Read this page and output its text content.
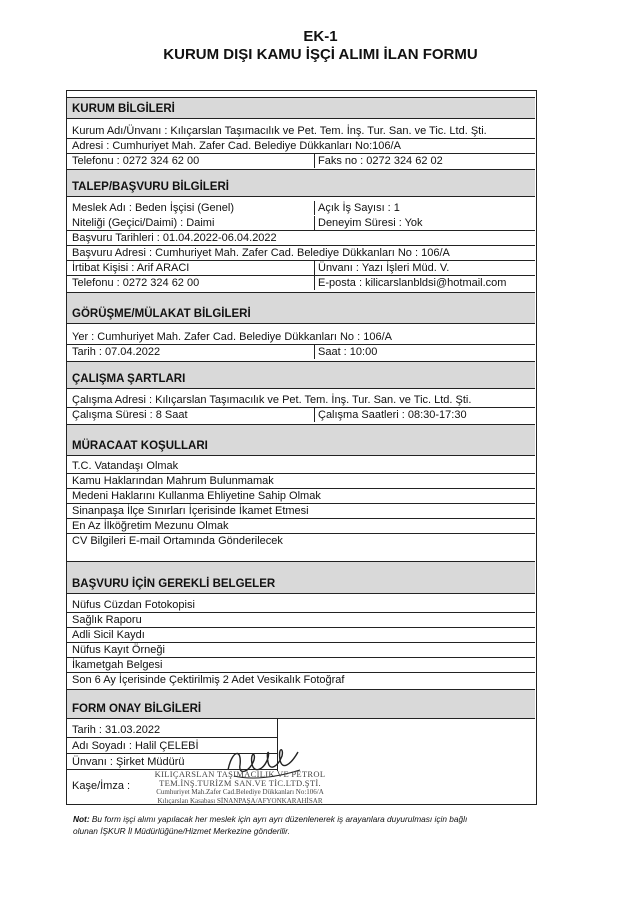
EK-1
KURUM DIŞI KAMU İŞÇİ ALIMI İLAN FORMU
KURUM BİLGİLERİ
Kurum Adı/Ünvanı : Kılıçarslan Taşımacılık ve Pet. Tem. İnş. Tur. San. ve Tic. Ltd. Şti.
Adresi : Cumhuriyet Mah. Zafer Cad. Belediye Dükkanları No:106/A
Telefonu : 0272 324 62 00	Faks no : 0272 324 62 02
TALEP/BAŞVURU BİLGİLERİ
Meslek Adı : Beden İşçisi (Genel)	Açık İş Sayısı : 1
Niteliği (Geçici/Daimi) : Daimi	Deneyim Süresi : Yok
Başvuru Tarihleri : 01.04.2022-06.04.2022
Başvuru Adresi : Cumhuriyet Mah. Zafer Cad. Belediye Dükkanları No : 106/A
İrtibat Kişisi : Arif ARACI	Ünvanı : Yazı İşleri Müd. V.
Telefonu : 0272 324 62 00	E-posta : kilicarslanbldsi@hotmail.com
GÖRÜŞME/MÜLAKAT BİLGİLERİ
Yer : Cumhuriyet Mah. Zafer Cad. Belediye Dükkanları No : 106/A
Tarih : 07.04.2022	Saat : 10:00
ÇALIŞMA ŞARTLARI
Çalışma Adresi : Kılıçarslan Taşımacılık ve Pet. Tem. İnş. Tur. San. ve Tic. Ltd. Şti.
Çalışma Süresi : 8 Saat	Çalışma Saatleri : 08:30-17:30
MÜRACAAT KOŞULLARI
T.C. Vatandaşı Olmak
Kamu Haklarından Mahrum Bulunmamak
Medeni Haklarını Kullanma Ehliyetine Sahip Olmak
Sinanpaşa İlçe Sınırları İçerisinde İkamet Etmesi
En Az İlköğretim Mezunu Olmak
CV Bilgileri E-mail Ortamında Gönderilecek
BAŞVURU İÇİN GEREKLİ BELGELER
Nüfus Cüzdan Fotokopisi
Sağlık Raporu
Adli Sicil Kaydı
Nüfus Kayıt Örneği
İkametgah Belgesi
Son 6 Ay İçerisinde Çektirilmiş 2 Adet Vesikalık Fotoğraf
FORM ONAY BİLGİLERİ
Tarih : 31.03.2022
Adı Soyadı : Halil ÇELEBİ
Ünvanı : Şirket Müdürü
Kaşe/İmza :
KILIÇARSLAN TAŞIMACILIK VE PETROL
TEM.İNŞ.TURİZM SAN.VE TİC.LTD.ŞTİ.
Cumhuriyet Mah.Zafer Cad.Belediye Dükkanları No:106/A
Kılıçarslan Kasabası SİNANPAŞA/AFYONKARAHİSAR
Not: Bu form işçi alımı yapılacak her meslek için ayrı ayrı düzenlenerek iş arayanlara duyurulması için bağlı
olunan İŞKUR İl Müdürlüğüne/Hizmet Merkezine gönderilir.
